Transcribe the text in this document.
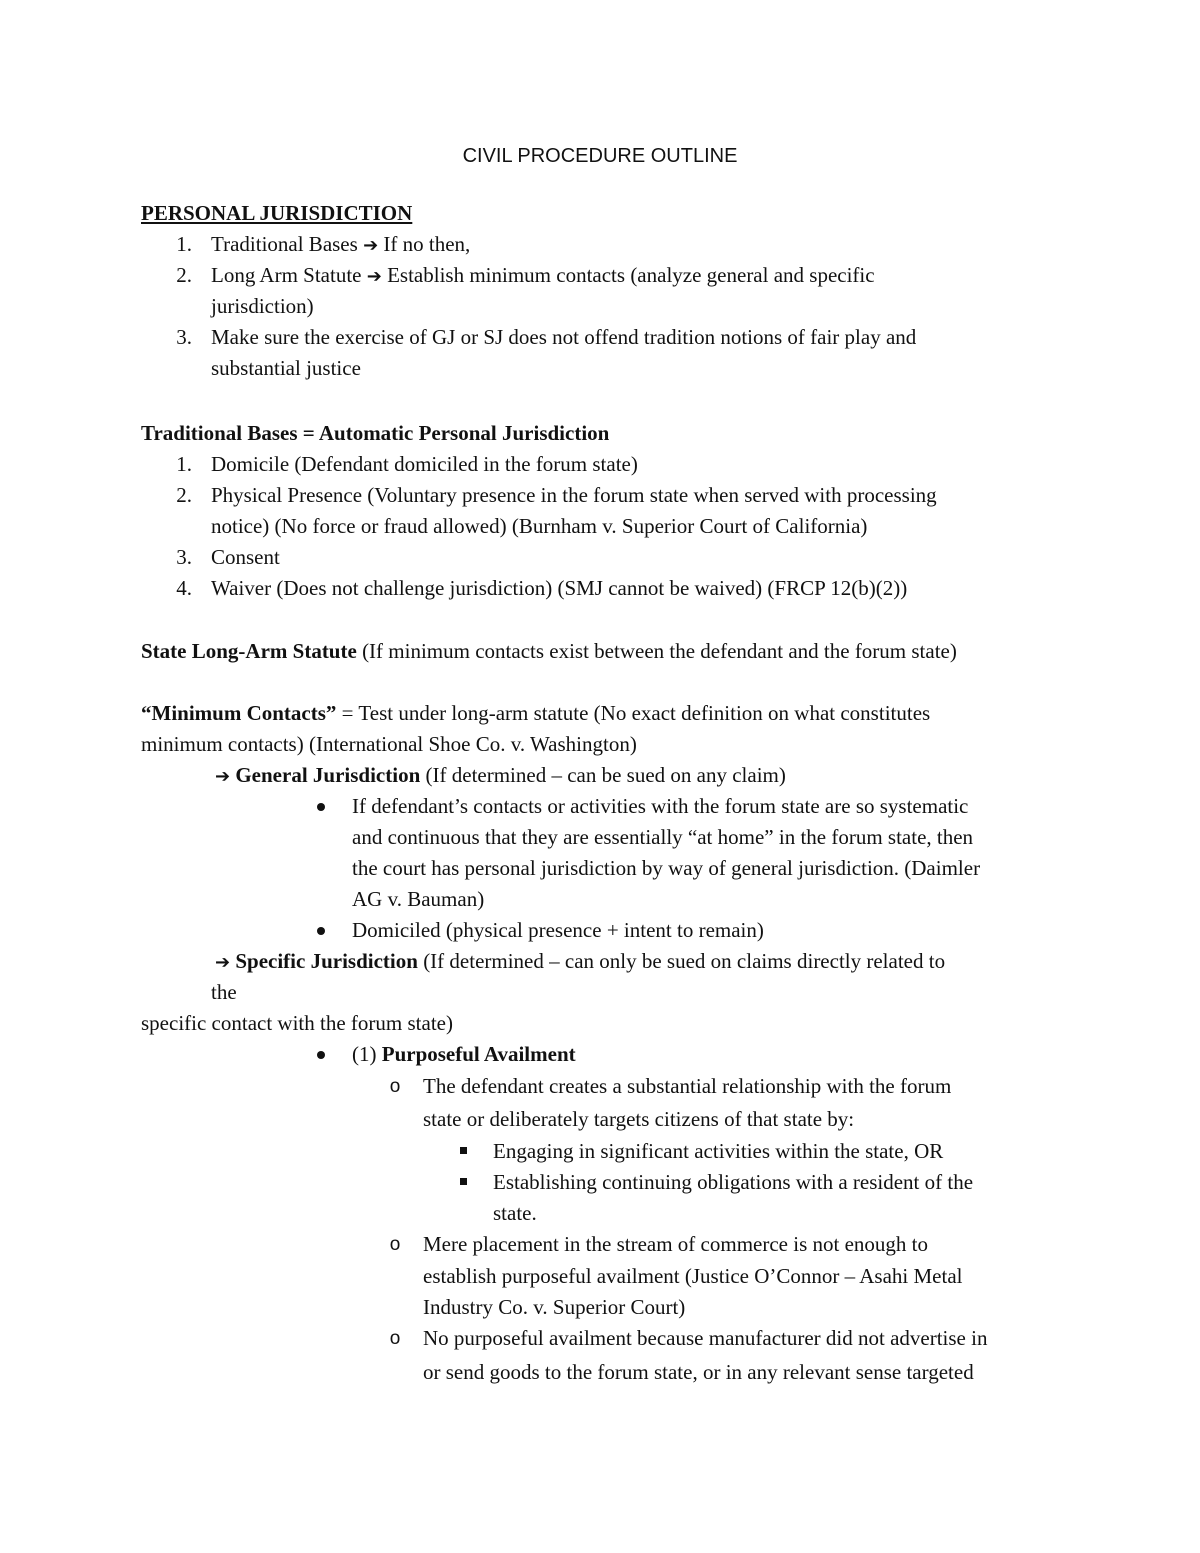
CIVIL PROCEDURE OUTLINE
PERSONAL JURISDICTION
1. Traditional Bases ➔ If no then,
2. Long Arm Statute ➔ Establish minimum contacts (analyze general and specific
jurisdiction)
3. Make sure the exercise of GJ or SJ does not offend tradition notions of fair play and
substantial justice
Traditional Bases = Automatic Personal Jurisdiction
1. Domicile (Defendant domiciled in the forum state)
2. Physical Presence (Voluntary presence in the forum state when served with processing
notice) (No force or fraud allowed) (Burnham v. Superior Court of California)
3. Consent
4. Waiver (Does not challenge jurisdiction) (SMJ cannot be waived) (FRCP 12(b)(2))
State Long-Arm Statute (If minimum contacts exist between the defendant and the forum state)
“Minimum Contacts” = Test under long-arm statute (No exact definition on what constitutes
minimum contacts) (International Shoe Co. v. Washington)
➔ General Jurisdiction (If determined – can be sued on any claim)
If defendant’s contacts or activities with the forum state are so systematic
and continuous that they are essentially “at home” in the forum state, then
the court has personal jurisdiction by way of general jurisdiction. (Daimler
AG v. Bauman)
Domiciled (physical presence + intent to remain)
➔ Specific Jurisdiction (If determined – can only be sued on claims directly related to
the
specific contact with the forum state)
(1) Purposeful Availment
o The defendant creates a substantial relationship with the forum
state or deliberately targets citizens of that state by:
Engaging in significant activities within the state, OR
Establishing continuing obligations with a resident of the
state.
o Mere placement in the stream of commerce is not enough to
establish purposeful availment (Justice O’Connor – Asahi Metal
Industry Co. v. Superior Court)
o No purposeful availment because manufacturer did not advertise in
or send goods to the forum state, or in any relevant sense targeted
